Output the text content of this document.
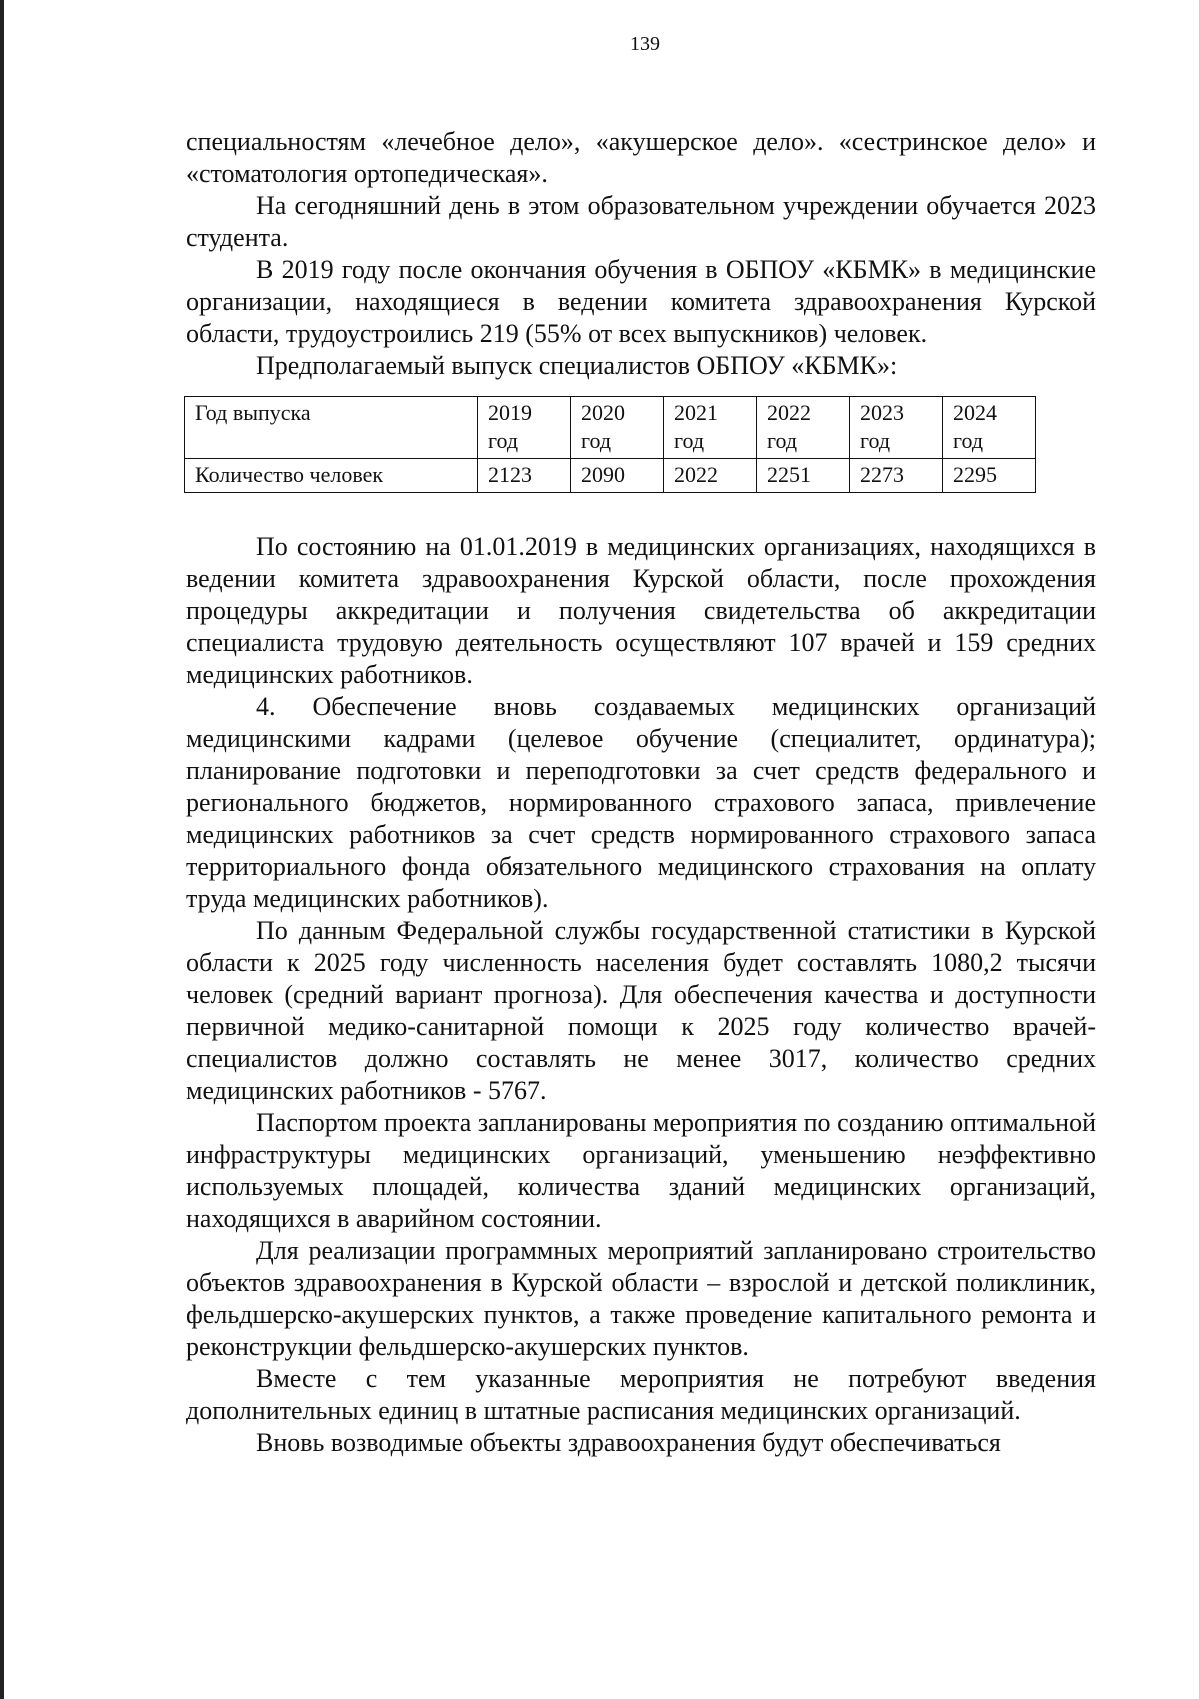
139

специальностям «лечебное дело», «акушерское дело». «сестринское дело» и «стоматология ортопедическая».

На сегодняшний день в этом образовательном учреждении обучается 2023 студента.

В 2019 году после окончания обучения в ОБПОУ «КБМК» в медицинские организации, находящиеся в ведении комитета здравоохранения Курской области, трудоустроились 219 (55% от всех выпускников) человек.

Предполагаемый выпуск специалистов ОБПОУ «КБМК»:

Год выпуска	2019 год	2020 год	2021 год	2022 год	2023 год	2024 год
Количество человек	2123	2090	2022	2251	2273	2295

По состоянию на 01.01.2019 в медицинских организациях, находящихся в ведении комитета здравоохранения Курской области, после прохождения процедуры аккредитации и получения свидетельства об аккредитации специалиста трудовую деятельность осуществляют 107 врачей и 159 средних медицинских работников.

4. Обеспечение вновь создаваемых медицинских организаций медицинскими кадрами (целевое обучение (специалитет, ординатура); планирование подготовки и переподготовки за счет средств федерального и регионального бюджетов, нормированного страхового запаса, привлечение медицинских работников за счет средств нормированного страхового запаса территориального фонда обязательного медицинского страхования на оплату труда медицинских работников).

По данным Федеральной службы государственной статистики в Курской области к 2025 году численность населения будет составлять 1080,2 тысячи человек (средний вариант прогноза). Для обеспечения качества и доступности первичной медико-санитарной помощи к 2025 году количество врачей-специалистов должно составлять не менее 3017, количество средних медицинских работников - 5767.

Паспортом проекта запланированы мероприятия по созданию оптимальной инфраструктуры медицинских организаций, уменьшению неэффективно используемых площадей, количества зданий медицинских организаций, находящихся в аварийном состоянии.

Для реализации программных мероприятий запланировано строительство объектов здравоохранения в Курской области – взрослой и детской поликлиник, фельдшерско-акушерских пунктов, а также проведение капитального ремонта и реконструкции фельдшерско-акушерских пунктов.

Вместе с тем указанные мероприятия не потребуют введения дополнительных единиц в штатные расписания медицинских организаций.

Вновь возводимые объекты здравоохранения будут обеспечиваться
